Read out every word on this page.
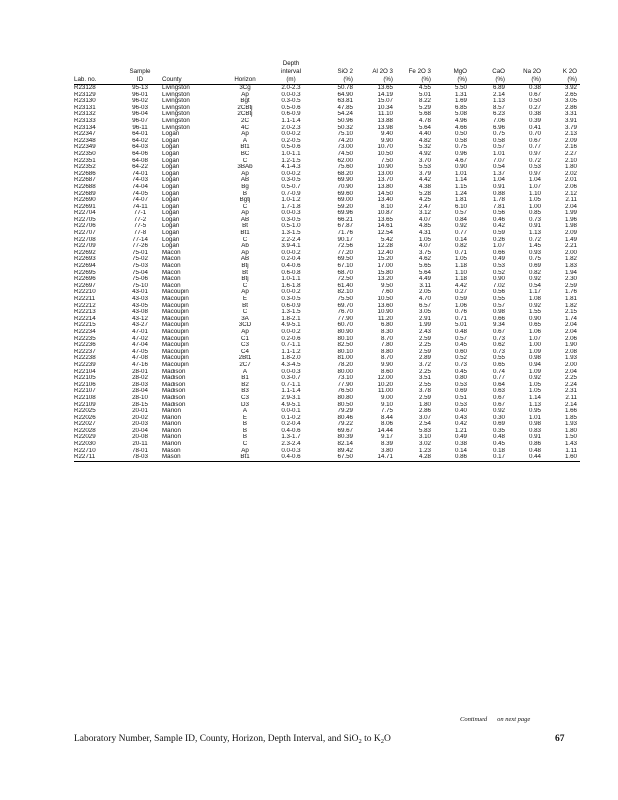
				Depth							
	Sample			interval	SiO 2	Al 2O 3	Fe 2O 3	MgO	CaO	Na 2O	K 2O
Lab. no.	ID	County	Horizon	(m)	(%)	(%)	(%)	(%)	(%)	(%)	(%)
R23128	95-13	Livingston	3Cg	2.0-2.3	50.78	13.65	4.55	5.50	6.89	0.38	3.92
R23129	96-01	Livingston	Ap	0.0-0.3	64.90	14.19	5.01	1.31	2.14	0.67	2.65
R23130	96-02	Livingston	Bgt	0.3-0.5	63.81	15.07	8.22	1.69	1.13	0.50	3.05
R23131	96-03	Livingston	2CBtj	0.5-0.6	47.85	10.34	5.29	6.85	8.57	0.27	2.86
R23132	96-04	Livingston	2CBtj	0.6-0.9	54.24	11.10	5.68	5.08	6.23	0.38	3.31
R23133	96-07	Livingston	2C	1.1-1.4	50.96	13.88	4.78	4.96	7.06	0.39	3.91
R23134	96-11	Livingston	4C	2.0-2.3	50.32	13.98	5.64	4.66	6.96	0.41	3.79
R22347	64-01	Logan	Ap	0.0-0.2	75.10	9.40	4.40	0.50	0.75	0.70	2.13
R22348	64-02	Logan	A	0.2-0.5	74.20	9.90	4.82	0.58	0.58	0.67	2.09
R22349	64-03	Logan	Bt1	0.5-0.6	73.00	10.70	5.32	0.75	0.57	0.77	2.16
R22350	64-06	Logan	BC	1.0-1.1	74.50	10.50	4.92	0.96	1.01	0.97	2.27
R22351	64-08	Logan	C	1.2-1.5	62.00	7.50	3.70	4.67	7.07	0.72	2.10
R22352	64-22	Logan	3BAb	4.1-4.3	75.60	10.90	5.53	0.90	0.54	0.53	1.80
R22686	74-01	Logan	Ap	0.0-0.2	68.20	13.00	3.79	1.01	1.37	0.97	2.02
R22687	74-03	Logan	AB	0.3-0.5	69.90	13.70	4.42	1.14	1.04	1.04	2.01
R22688	74-04	Logan	Bg	0.5-0.7	70.90	13.80	4.38	1.15	0.91	1.07	2.06
R22689	74-05	Logan	B	0.7-0.9	69.60	14.50	5.28	1.24	0.88	1.10	2.12
R22690	74-07	Logan	Bgtj	1.0-1.2	69.00	13.40	4.25	1.81	1.78	1.05	2.11
R22691	74-11	Logan	C	1.7-1.8	59.20	8.10	2.47	6.10	7.81	1.00	2.04
R22704	77-1	Logan	Ap	0.0-0.3	69.96	10.87	3.12	0.57	0.56	0.85	1.99
R22705	77-2	Logan	AB	0.3-0.5	66.21	13.65	4.07	0.84	0.46	0.73	1.96
R22706	77-5	Logan	Bt	0.5-1.0	67.87	14.61	4.85	0.92	0.42	0.91	1.98
R22707	77-8	Logan	Bt1	1.3-1.5	71.76	12.54	4.31	0.77	0.59	1.13	2.09
R22708	77-14	Logan	C	2.2-2.4	90.17	5.42	1.05	0.14	0.26	0.72	1.49
R22709	77-26	Logan	Ab	3.9-4.1	72.56	12.28	4.07	0.82	1.07	1.45	2.21
R22692	75-01	Macon	Ap	0.0-0.2	77.20	12.40	3.75	0.71	0.66	0.93	2.00
R22693	75-02	Macon	AB	0.2-0.4	69.50	15.20	4.62	1.05	0.49	0.75	1.82
R22694	75-03	Macon	Btj	0.4-0.6	67.10	17.00	5.65	1.18	0.53	0.69	1.83
R22695	75-04	Macon	Bt	0.6-0.8	68.70	15.80	5.64	1.10	0.52	0.82	1.94
R22696	75-06	Macon	Btj	1.0-1.1	72.50	13.20	4.49	1.18	0.90	0.92	2.30
R22697	75-10	Macon	C	1.6-1.8	61.40	9.50	3.11	4.42	7.02	0.54	2.59
R22210	43-01	Macoupin	Ap	0.0-0.2	82.10	7.60	2.05	0.27	0.56	1.17	1.76
R22211	43-03	Macoupin	E	0.3-0.5	75.50	10.50	4.70	0.59	0.55	1.08	1.81
R22212	43-05	Macoupin	Bt	0.6-0.9	69.70	13.60	6.57	1.06	0.57	0.92	1.82
R22213	43-08	Macoupin	C	1.3-1.5	76.70	10.90	3.05	0.76	0.98	1.55	2.15
R22214	43-12	Macoupin	3A	1.8-2.1	77.90	11.20	2.91	0.71	0.66	0.90	1.74
R22215	43-27	Macoupin	3CD	4.9-5.1	60.70	6.80	1.99	5.01	9.34	0.65	2.04
R22234	47-01	Macoupin	Ap	0.0-0.2	80.90	8.30	2.43	0.48	0.67	1.06	2.04
R22235	47-02	Macoupin	C1	0.2-0.6	80.10	8.70	2.59	0.57	0.73	1.07	2.06
R22236	47-04	Macoupin	C3	0.7-1.1	82.50	7.80	2.25	0.45	0.62	1.00	1.90
R22237	47-05	Macoupin	C4	1.1-1.2	80.10	8.80	2.59	0.60	0.73	1.09	2.08
R22238	47-08	Macoupin	2Bt1	1.8-2.0	81.00	8.70	2.89	0.52	0.55	0.98	1.93
R22239	47-16	Macoupin	2C7	4.3-4.5	78.20	9.90	3.72	0.73	0.65	0.94	2.00
R22104	28-01	Madison	A	0.0-0.3	80.00	8.60	2.25	0.45	0.74	1.09	2.04
R22105	28-02	Madison	B1	0.3-0.7	73.10	12.00	3.51	0.80	0.77	0.92	2.25
R22106	28-03	Madison	B2	0.7-1.1	77.90	10.20	2.55	0.53	0.64	1.05	2.24
R22107	28-04	Madison	B3	1.1-1.4	76.50	11.00	3.78	0.69	0.63	1.05	2.31
R22108	28-10	Madison	C3	2.9-3.1	80.80	9.00	2.59	0.51	0.67	1.14	2.11
R22109	28-15	Madison	D3	4.9-5.1	80.50	9.10	1.80	0.53	0.67	1.13	2.14
R22025	20-01	Marion	A	0.0-0.1	79.29	7.75	2.86	0.40	0.92	0.95	1.66
R22026	20-02	Marion	E	0.1-0.2	80.46	8.44	3.07	0.43	0.30	1.01	1.85
R22027	20-03	Marion	B	0.2-0.4	79.22	8.06	2.54	0.42	0.69	0.98	1.93
R22028	20-04	Marion	B	0.4-0.6	69.67	14.44	5.83	1.21	0.35	0.83	1.80
R22029	20-08	Marion	B	1.3-1.7	80.39	9.17	3.10	0.49	0.48	0.91	1.50
R22030	20-11	Marion	C	2.3-2.4	82.14	8.39	3.02	0.38	0.45	0.86	1.43
R22710	78-01	Mason	Ap	0.0-0.3	89.42	3.80	1.23	0.14	0.18	0.48	1.11
R22711	78-03	Mason	Bt1	0.4-0.6	67.50	14.71	4.28	0.86	0.17	0.44	1.60
Continued on next page
Laboratory Number, Sample ID, County, Horizon, Depth Interval, and SiO$_2$ to $K_2O$	67
